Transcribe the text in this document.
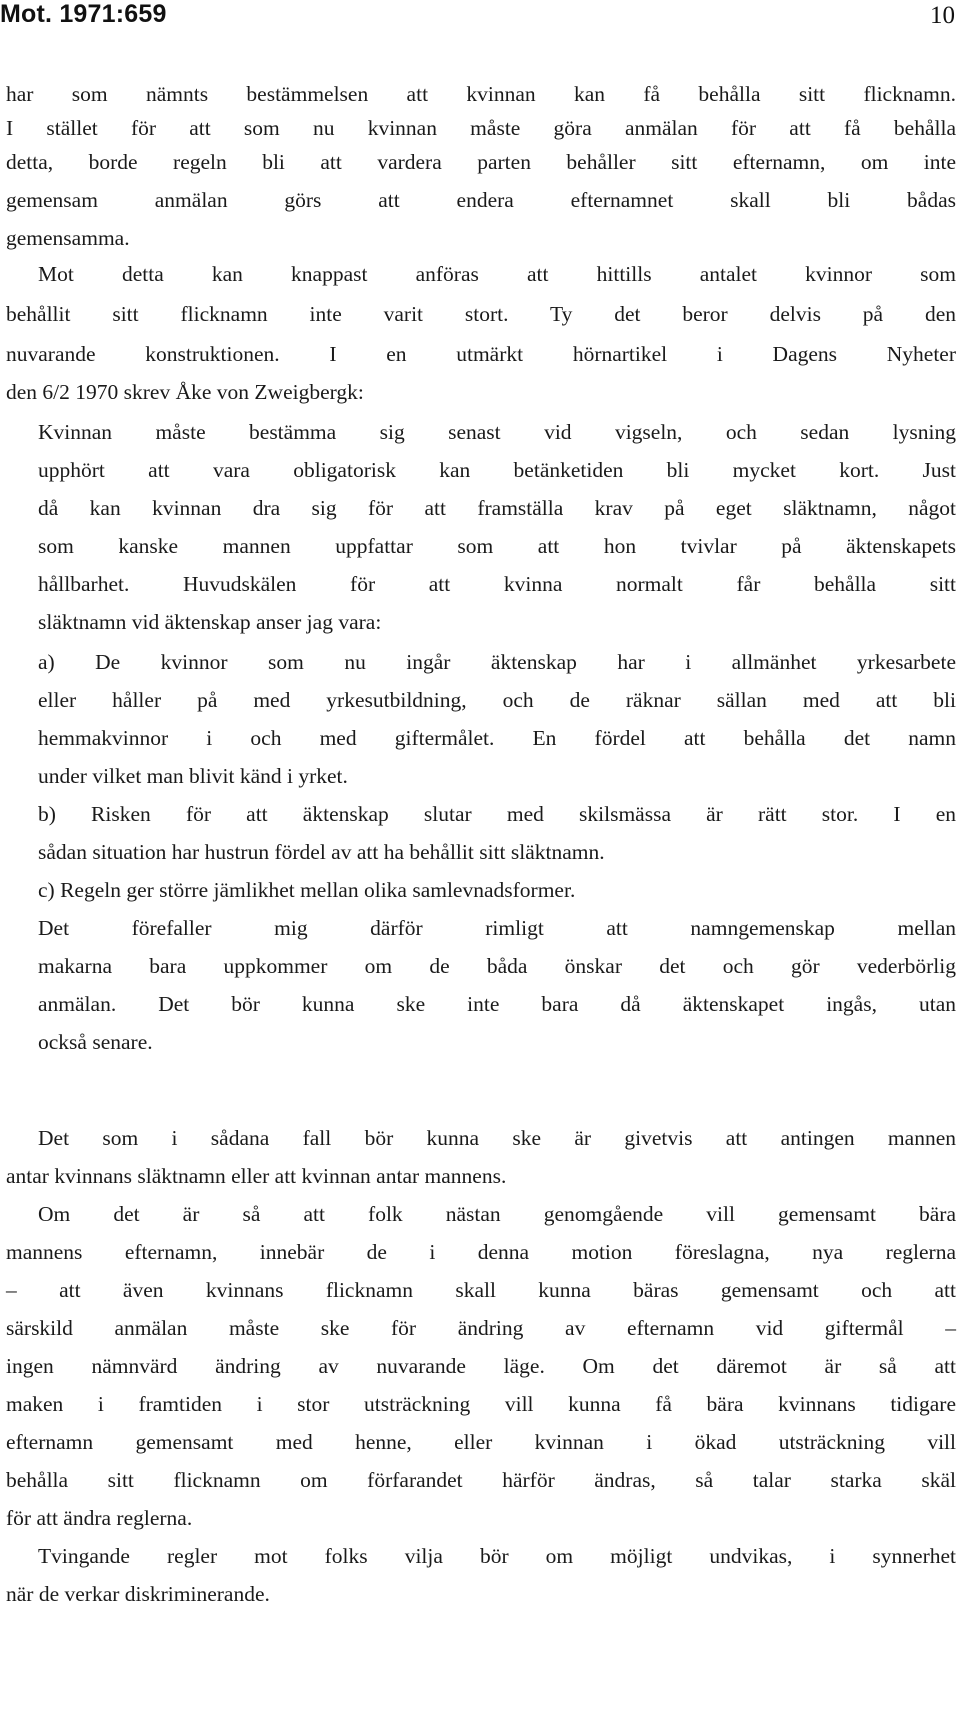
Mot. 1971:659	10
har som nämnts bestämmelsen att kvinnan kan få behålla sitt flicknamn.
I stället för att som nu kvinnan måste göra anmälan för att få behålla
detta, borde regeln bli att vardera parten behåller sitt efternamn, om inte
gemensam anmälan görs att endera efternamnet skall bli bådas
gemensamma.
Mot detta kan knappast anföras att hittills antalet kvinnor som
behållit sitt flicknamn inte varit stort. Ty det beror delvis på den
nuvarande konstruktionen. I en utmärkt hörnartikel i Dagens Nyheter
den 6/2 1970 skrev Åke von Zweigbergk:
Kvinnan måste bestämma sig senast vid vigseln, och sedan lysning
upphört att vara obligatorisk kan betänketiden bli mycket kort. Just
då kan kvinnan dra sig för att framställa krav på eget släktnamn, något
som kanske mannen uppfattar som att hon tvivlar på äktenskapets
hållbarhet. Huvudskälen för att kvinna normalt får behålla sitt
släktnamn vid äktenskap anser jag vara:
a) De kvinnor som nu ingår äktenskap har i allmänhet yrkesarbete
eller håller på med yrkesutbildning, och de räknar sällan med att bli
hemmakvinnor i och med giftermålet. En fördel att behålla det namn
under vilket man blivit känd i yrket.
b) Risken för att äktenskap slutar med skilsmässa är rätt stor. I en
sådan situation har hustrun fördel av att ha behållit sitt släktnamn.
c) Regeln ger större jämlikhet mellan olika samlevnadsformer.
Det förefaller mig därför rimligt att namngemenskap mellan
makarna bara uppkommer om de båda önskar det och gör vederbörlig
anmälan. Det bör kunna ske inte bara då äktenskapet ingås, utan
också senare.
Det som i sådana fall bör kunna ske är givetvis att antingen mannen
antar kvinnans släktnamn eller att kvinnan antar mannens.
Om det är så att folk nästan genomgående vill gemensamt bära
mannens efternamn, innebär de i denna motion föreslagna, nya reglerna
– att även kvinnans flicknamn skall kunna bäras gemensamt och att
särskild anmälan måste ske för ändring av efternamn vid giftermål –
ingen nämnvärd ändring av nuvarande läge. Om det däremot är så att
maken i framtiden i stor utsträckning vill kunna få bära kvinnans tidigare
efternamn gemensamt med henne, eller kvinnan i ökad utsträckning vill
behålla sitt flicknamn om förfarandet härför ändras, så talar starka skäl
för att ändra reglerna.
Tvingande regler mot folks vilja bör om möjligt undvikas, i synnerhet
när de verkar diskriminerande.
